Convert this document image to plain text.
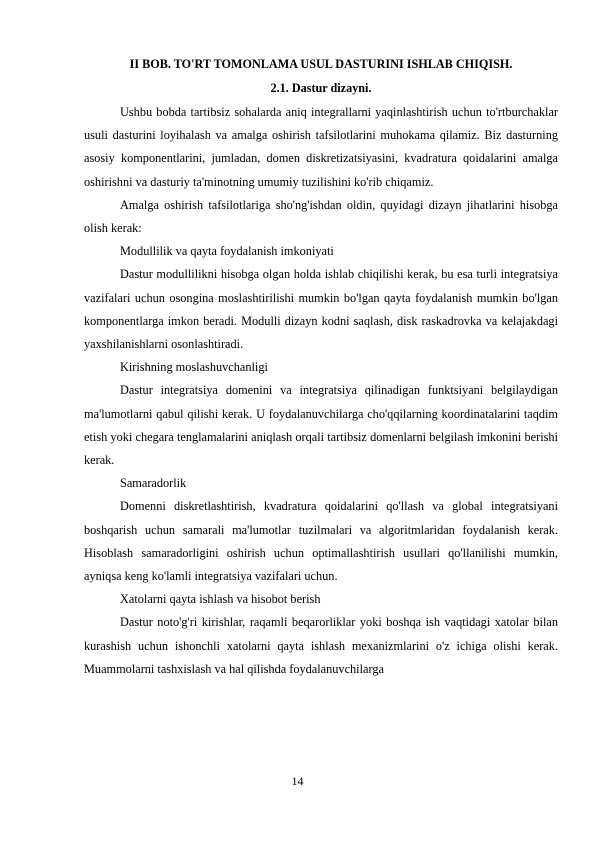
II BOB. TO'RT TOMONLAMA USUL DASTURINI ISHLAB CHIQISH.
2.1. Dastur dizayni.

Ushbu bobda tartibsiz sohalarda aniq integrallarni yaqinlashtirish uchun to'rtburchaklar usuli dasturini loyihalash va amalga oshirish tafsilotlarini muhokama qilamiz. Biz dasturning asosiy komponentlarini, jumladan, domen diskretizatsiyasini, kvadratura qoidalarini amalga oshirishni va dasturiy ta'minotning umumiy tuzilishini ko'rib chiqamiz.

Amalga oshirish tafsilotlariga sho'ng'ishdan oldin, quyidagi dizayn jihatlarini hisobga olish kerak:

Modullilik va qayta foydalanish imkoniyati

Dastur modullilikni hisobga olgan holda ishlab chiqilishi kerak, bu esa turli integratsiya vazifalari uchun osongina moslashtirilishi mumkin bo'lgan qayta foydalanish mumkin bo'lgan komponentlarga imkon beradi. Modulli dizayn kodni saqlash, disk raskadrovka va kelajakdagi yaxshilanishlarni osonlashtiradi.

Kirishning moslashuvchanligi

Dastur integratsiya domenini va integratsiya qilinadigan funktsiyani belgilaydigan ma'lumotlarni qabul qilishi kerak. U foydalanuvchilarga cho'qqilarning koordinatalarini taqdim etish yoki chegara tenglamalarini aniqlash orqali tartibsiz domenlarni belgilash imkonini berishi kerak.

Samaradorlik

Domenni diskretlashtirish, kvadratura qoidalarini qo'llash va global integratsiyani boshqarish uchun samarali ma'lumotlar tuzilmalari va algoritmlaridan foydalanish kerak. Hisoblash samaradorligini oshirish uchun optimallashtirish usullari qo'llanilishi mumkin, ayniqsa keng ko'lamli integratsiya vazifalari uchun.

Xatolarni qayta ishlash va hisobot berish

Dastur noto'g'ri kirishlar, raqamli beqarorliklar yoki boshqa ish vaqtidagi xatolar bilan kurashish uchun ishonchli xatolarni qayta ishlash mexanizmlarini o'z ichiga olishi kerak. Muammolarni tashxislash va hal qilishda foydalanuvchilarga

14
